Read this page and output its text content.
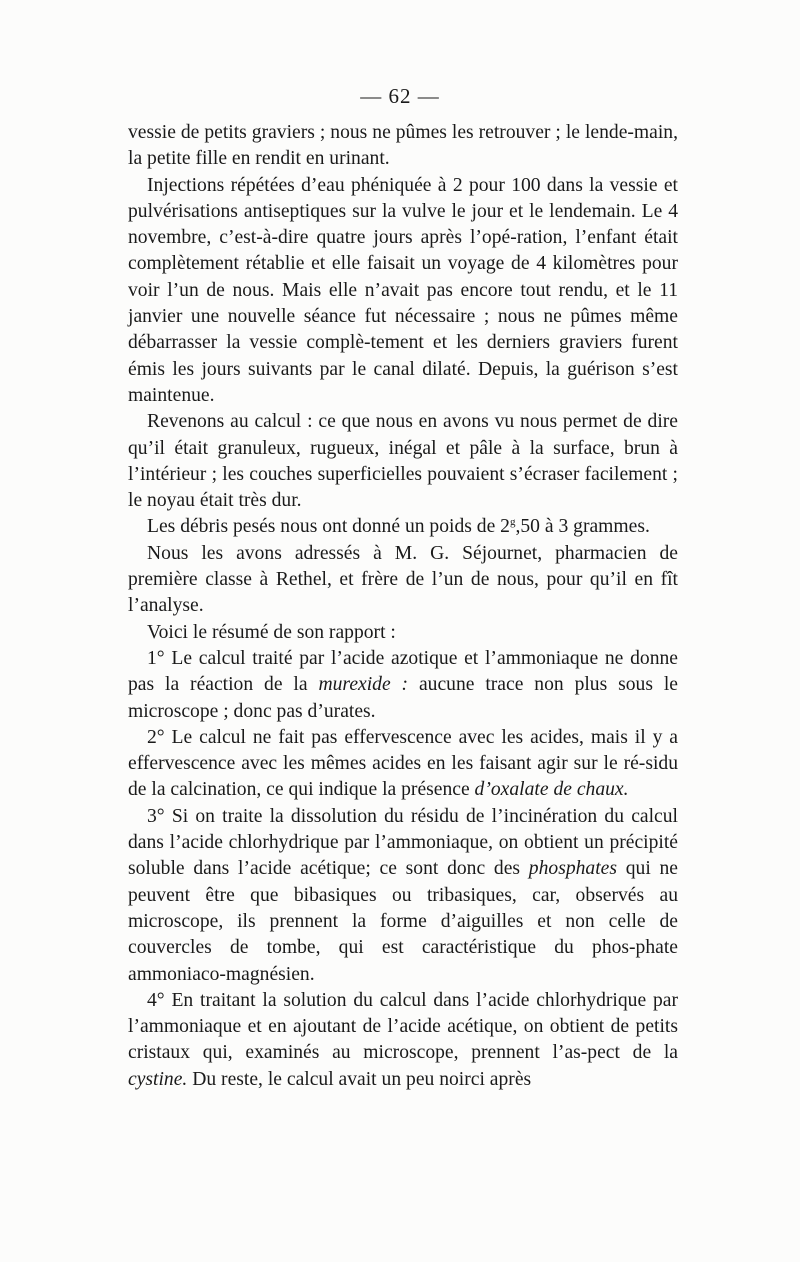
— 62 —

vessie de petits graviers ; nous ne pûmes les retrouver ; le lende-main, la petite fille en rendit en urinant.

Injections répétées d’eau phéniquée à 2 pour 100 dans la vessie et pulvérisations antiseptiques sur la vulve le jour et le lendemain. Le 4 novembre, c’est-à-dire quatre jours après l’opé-ration, l’enfant était complètement rétablie et elle faisait un voyage de 4 kilomètres pour voir l’un de nous. Mais elle n’avait pas encore tout rendu, et le 11 janvier une nouvelle séance fut nécessaire ; nous ne pûmes même débarrasser la vessie complè-tement et les derniers graviers furent émis les jours suivants par le canal dilaté. Depuis, la guérison s’est maintenue.

Revenons au calcul : ce que nous en avons vu nous permet de dire qu’il était granuleux, rugueux, inégal et pâle à la surface, brun à l’intérieur ; les couches superficielles pouvaient s’écraser facilement ; le noyau était très dur.

Les débris pesés nous ont donné un poids de 2$^g$,50 à 3 grammes.

Nous les avons adressés à M. G. Séjournet, pharmacien de première classe à Rethel, et frère de l’un de nous, pour qu’il en fît l’analyse.

Voici le résumé de son rapport :

1° Le calcul traité par l’acide azotique et l’ammoniaque ne donne pas la réaction de la murexide : aucune trace non plus sous le microscope ; donc pas d’urates.

2° Le calcul ne fait pas effervescence avec les acides, mais il y a effervescence avec les mêmes acides en les faisant agir sur le ré-sidu de la calcination, ce qui indique la présence d’oxalate de chaux.

3° Si on traite la dissolution du résidu de l’incinération du calcul dans l’acide chlorhydrique par l’ammoniaque, on obtient un précipité soluble dans l’acide acétique; ce sont donc des phosphates qui ne peuvent être que bibasiques ou tribasiques, car, observés au microscope, ils prennent la forme d’aiguilles et non celle de couvercles de tombe, qui est caractéristique du phos-phate ammoniaco-magnésien.

4° En traitant la solution du calcul dans l’acide chlorhydrique par l’ammoniaque et en ajoutant de l’acide acétique, on obtient de petits cristaux qui, examinés au microscope, prennent l’as-pect de la cystine. Du reste, le calcul avait un peu noirci après
